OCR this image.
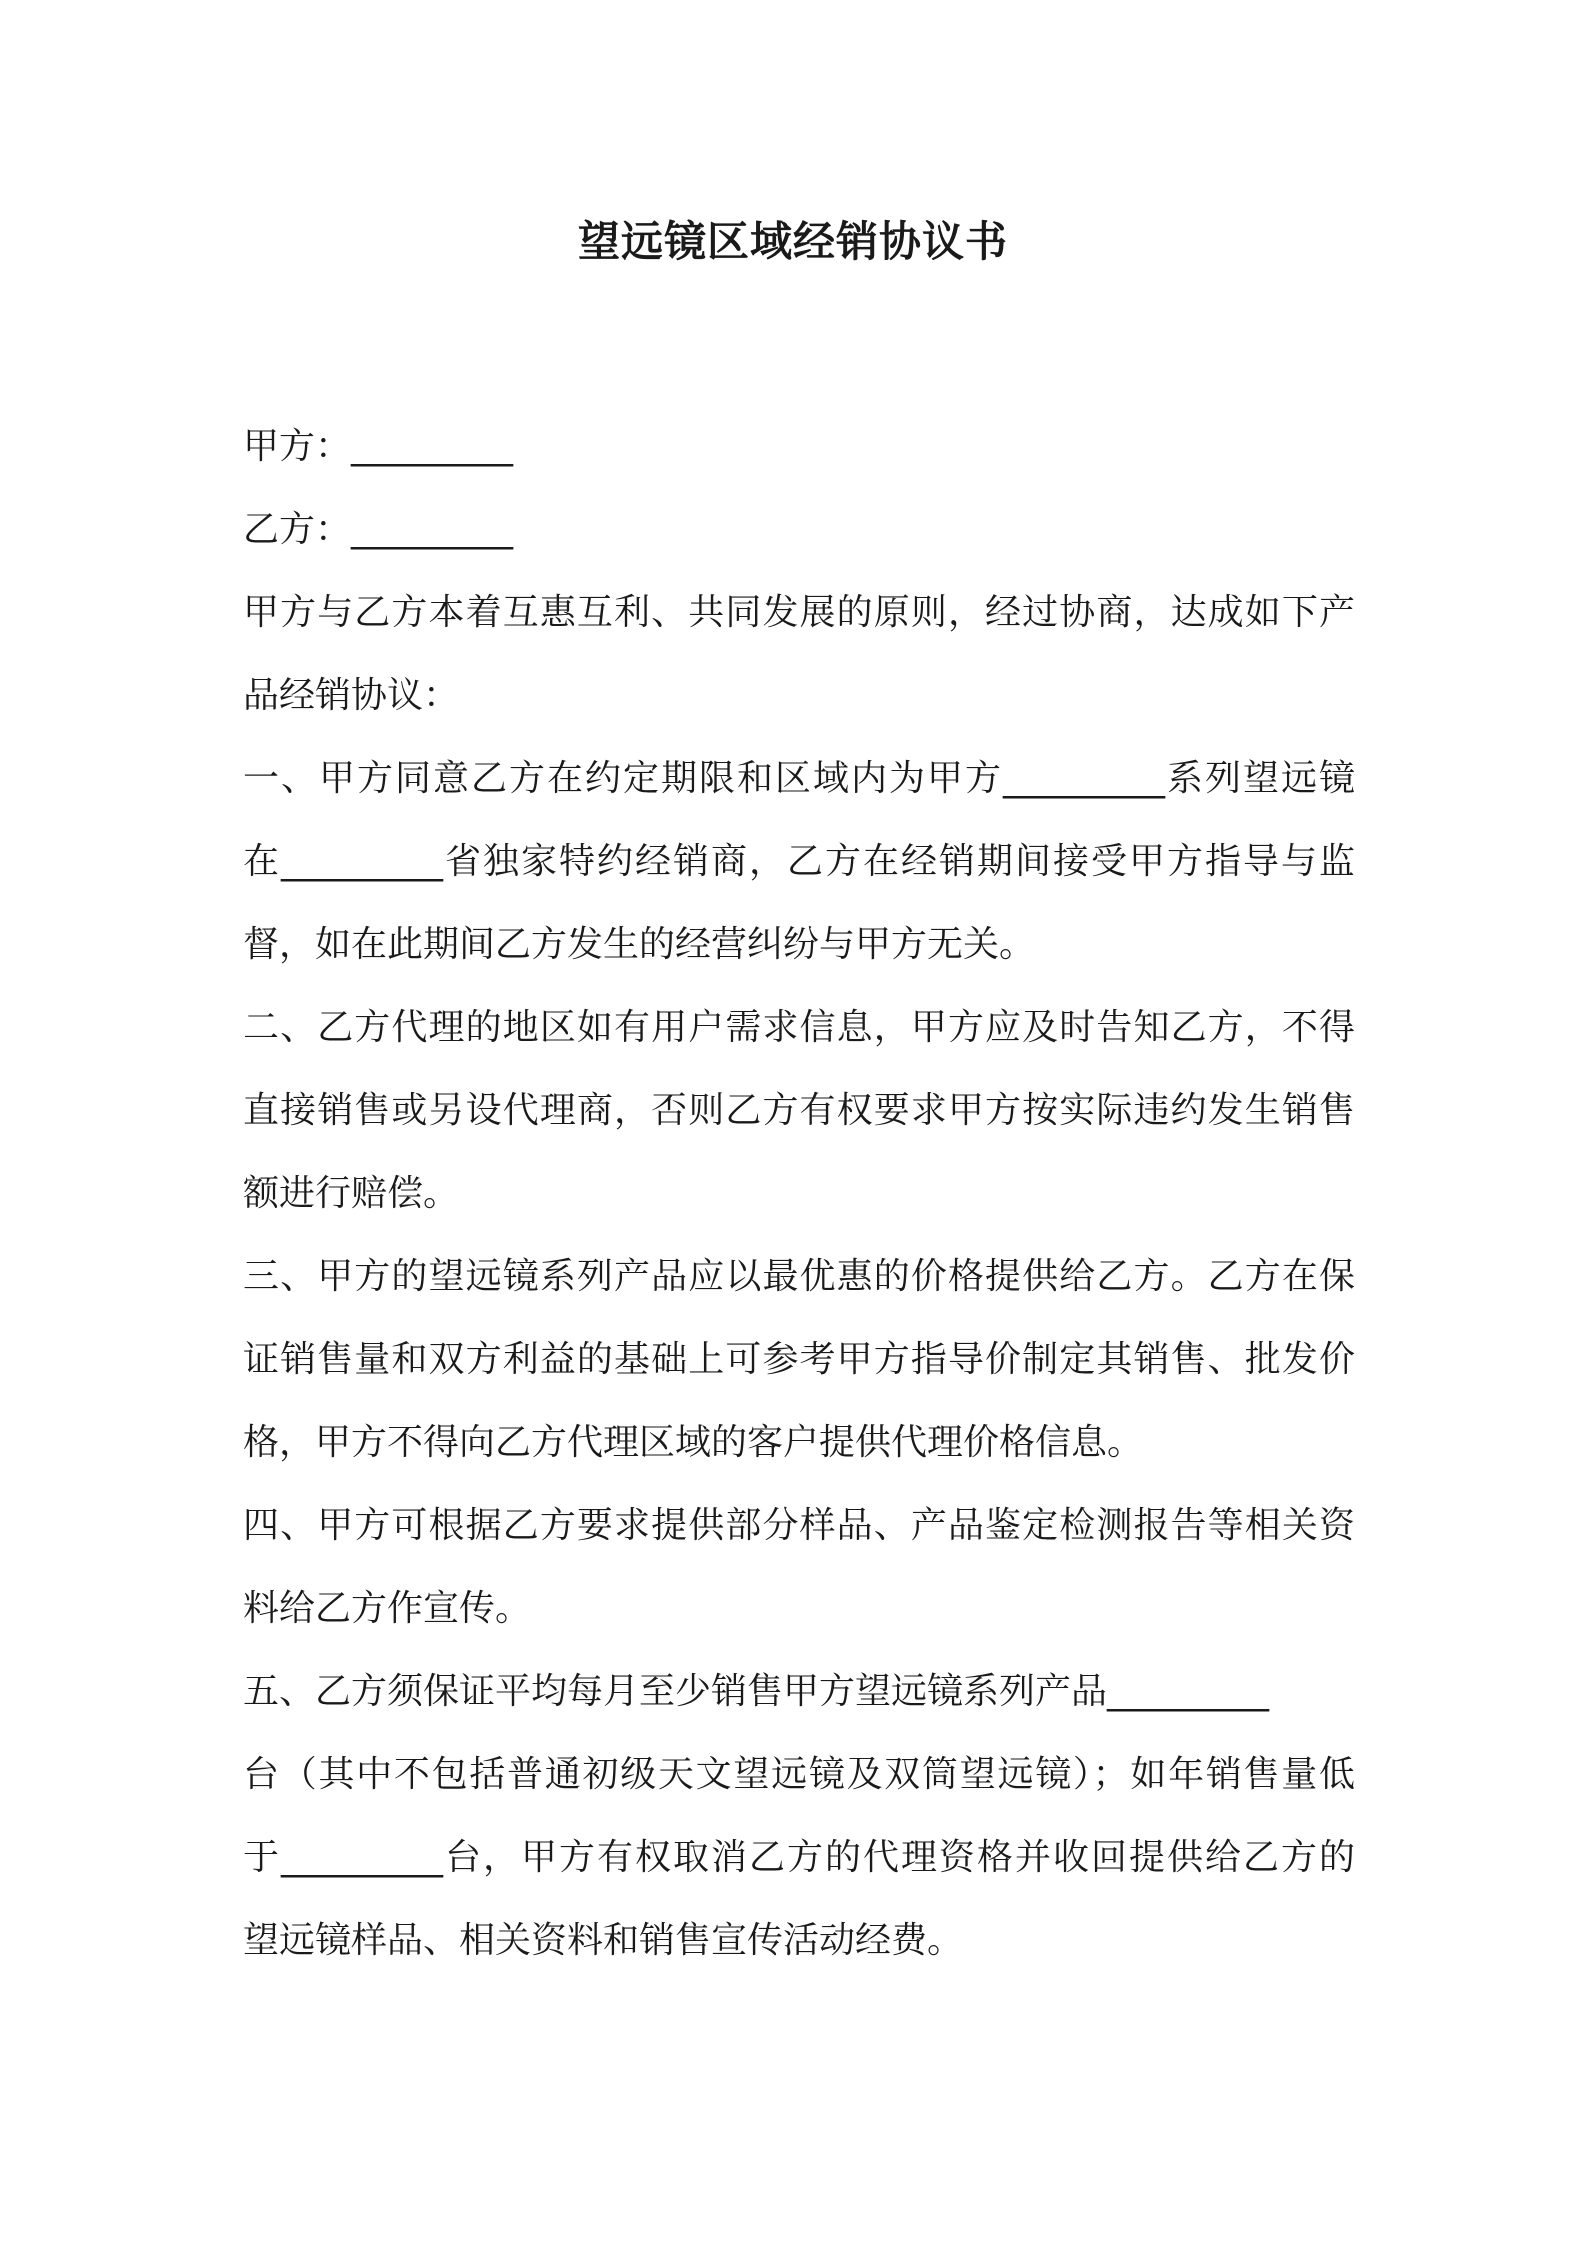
望远镜区域经销协议书
甲方：_________
乙方：_________
甲方与乙方本着互惠互利、共同发展的原则，经过协商，达成如下产
品经销协议：
一、甲方同意乙方在约定期限和区域内为甲方_________系列望远镜
在_________省独家特约经销商，乙方在经销期间接受甲方指导与监
督，如在此期间乙方发生的经营纠纷与甲方无关。
二、乙方代理的地区如有用户需求信息，甲方应及时告知乙方，不得
直接销售或另设代理商，否则乙方有权要求甲方按实际违约发生销售
额进行赔偿。
三、甲方的望远镜系列产品应以最优惠的价格提供给乙方。乙方在保
证销售量和双方利益的基础上可参考甲方指导价制定其销售、批发价
格，甲方不得向乙方代理区域的客户提供代理价格信息。
四、甲方可根据乙方要求提供部分样品、产品鉴定检测报告等相关资
料给乙方作宣传。
五、乙方须保证平均每月至少销售甲方望远镜系列产品_________
台（其中不包括普通初级天文望远镜及双筒望远镜）；如年销售量低
于_________台，甲方有权取消乙方的代理资格并收回提供给乙方的
望远镜样品、相关资料和销售宣传活动经费。
